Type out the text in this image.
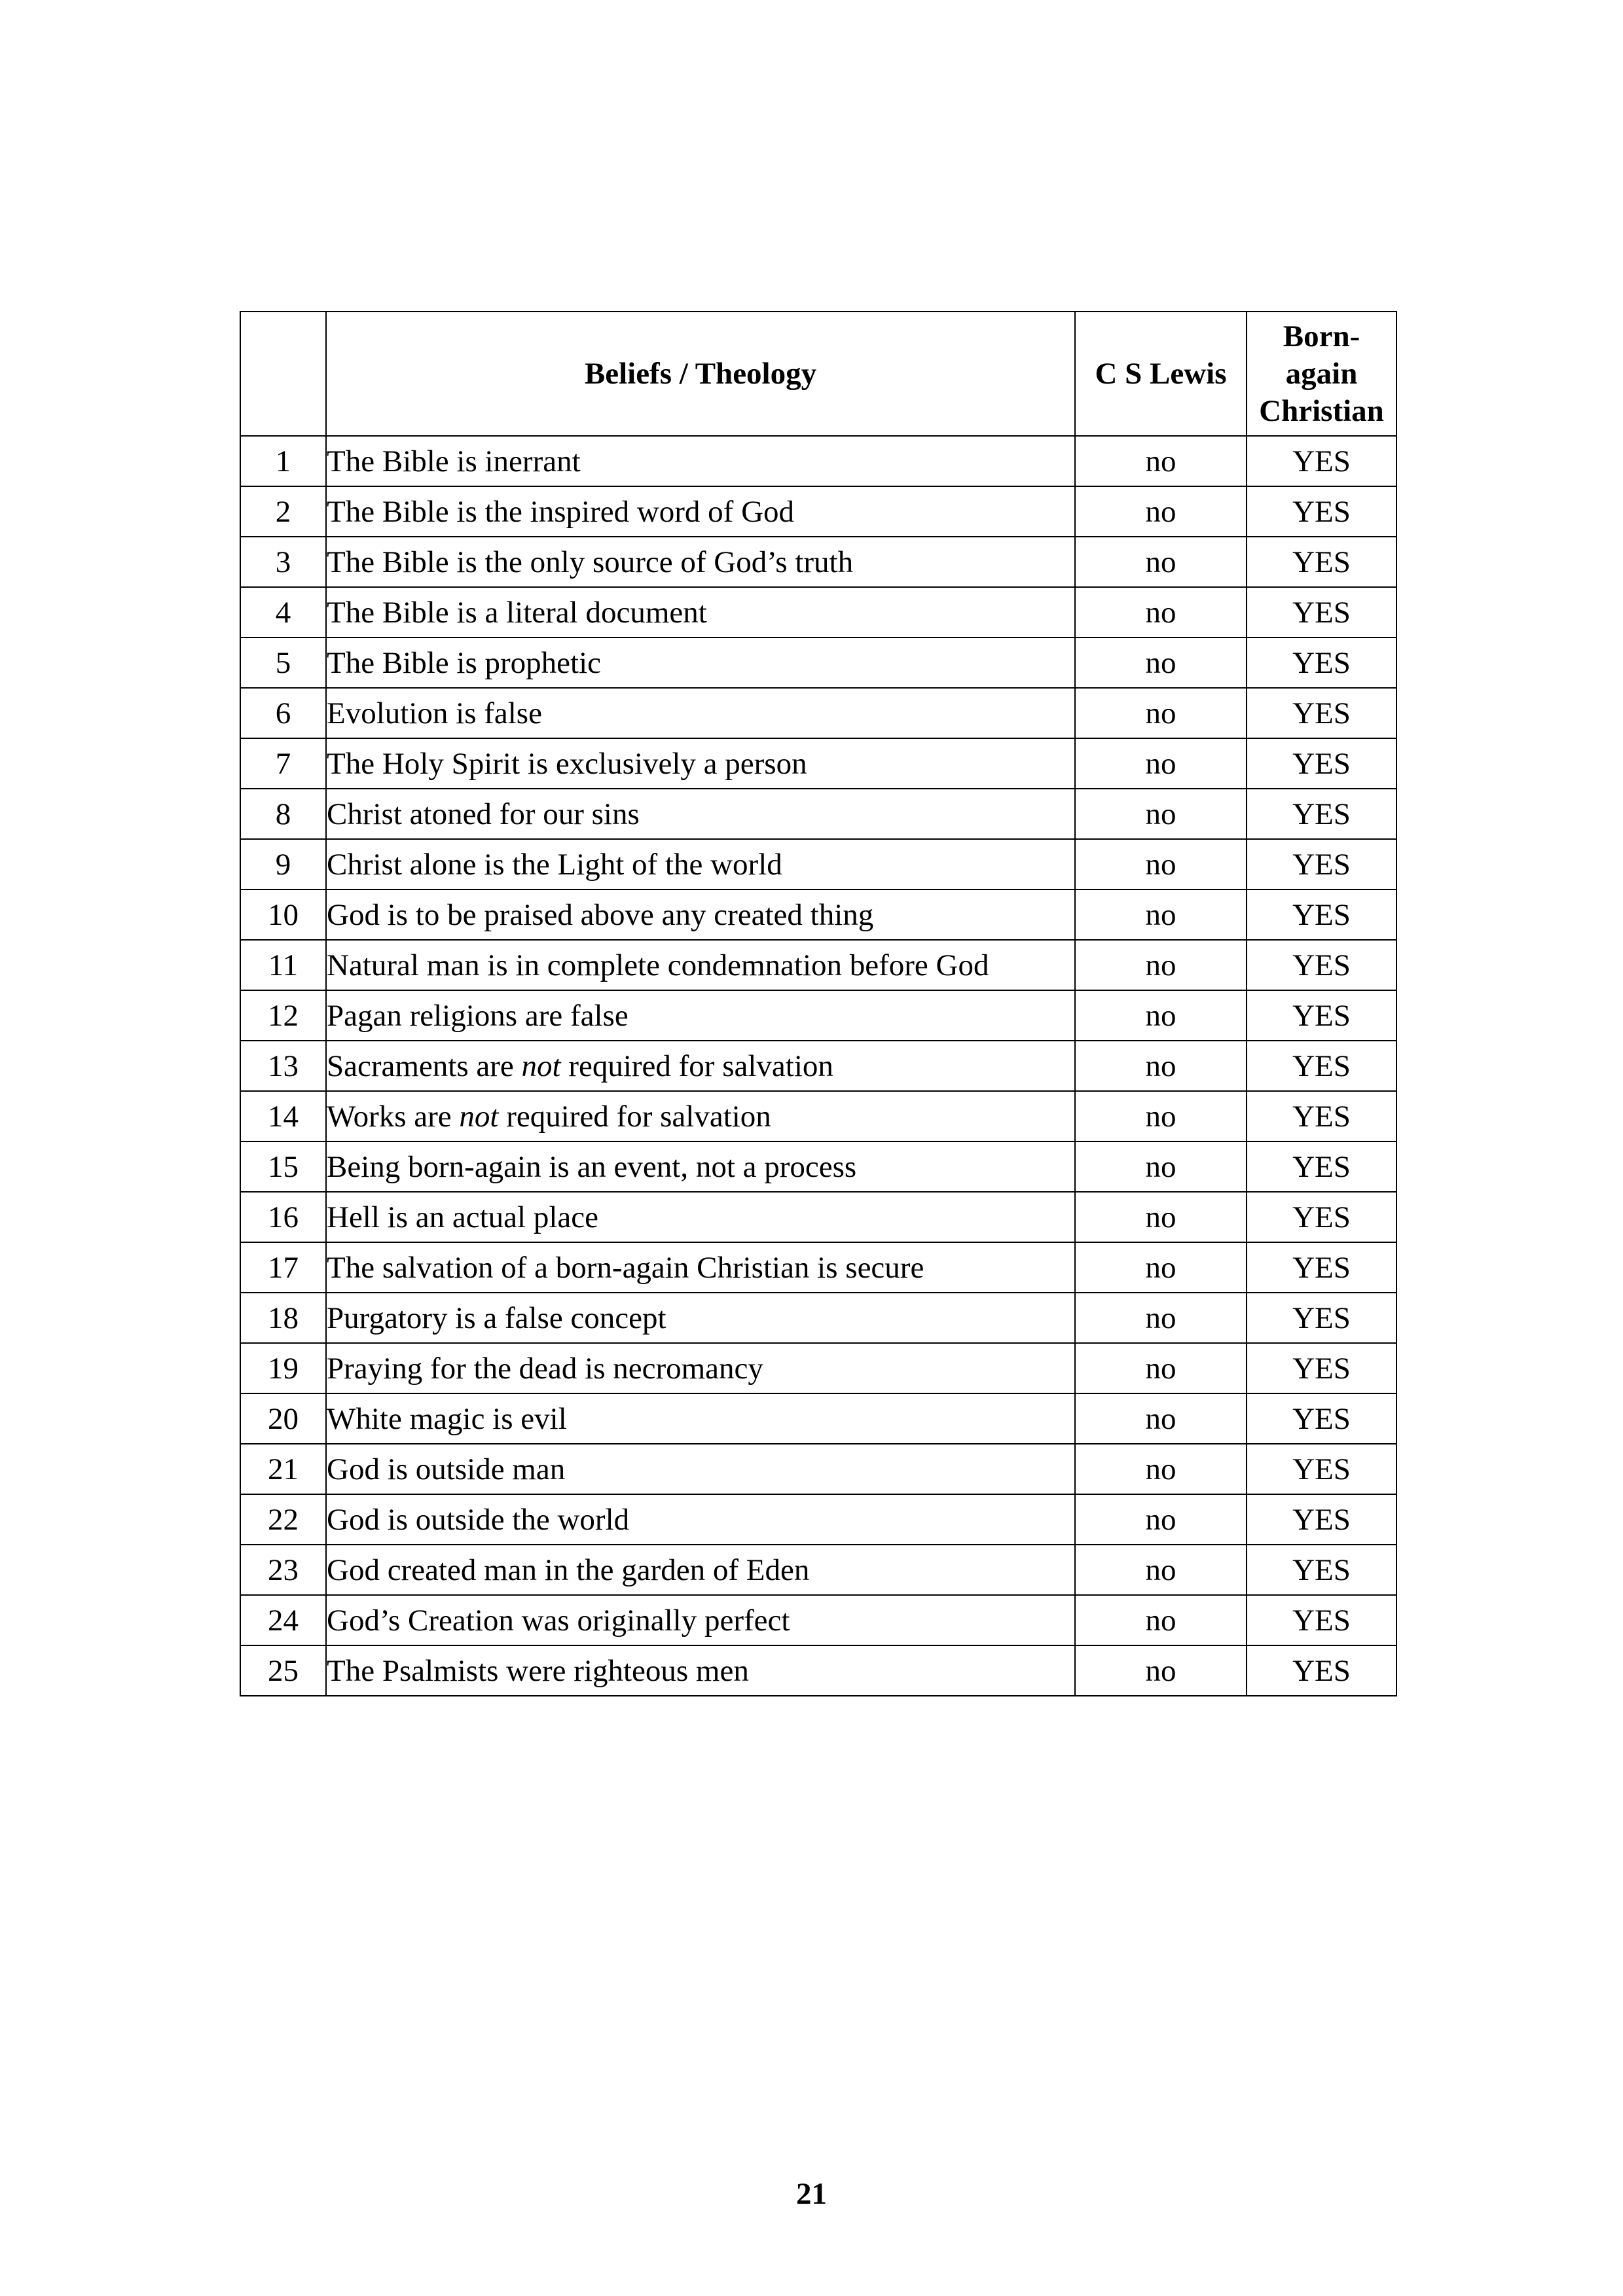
	Beliefs / Theology	C S Lewis	Born-
again
Christian

1	The Bible is inerrant	no	YES
2	The Bible is the inspired word of God	no	YES
3	The Bible is the only source of God’s truth	no	YES
4	The Bible is a literal document	no	YES
5	The Bible is prophetic	no	YES
6	Evolution is false	no	YES
7	The Holy Spirit is exclusively a person	no	YES
8	Christ atoned for our sins	no	YES
9	Christ alone is the Light of the world	no	YES
10	God is to be praised above any created thing	no	YES
11	Natural man is in complete condemnation before God	no	YES
12	Pagan religions are false	no	YES
13	Sacraments are not required for salvation	no	YES
14	Works are not required for salvation	no	YES
15	Being born-again is an event, not a process	no	YES
16	Hell is an actual place	no	YES
17	The salvation of a born-again Christian is secure	no	YES
18	Purgatory is a false concept	no	YES
19	Praying for the dead is necromancy	no	YES
20	White magic is evil	no	YES
21	God is outside man	no	YES
22	God is outside the world	no	YES
23	God created man in the garden of Eden	no	YES
24	God’s Creation was originally perfect	no	YES
25	The Psalmists were righteous men	no	YES
21
